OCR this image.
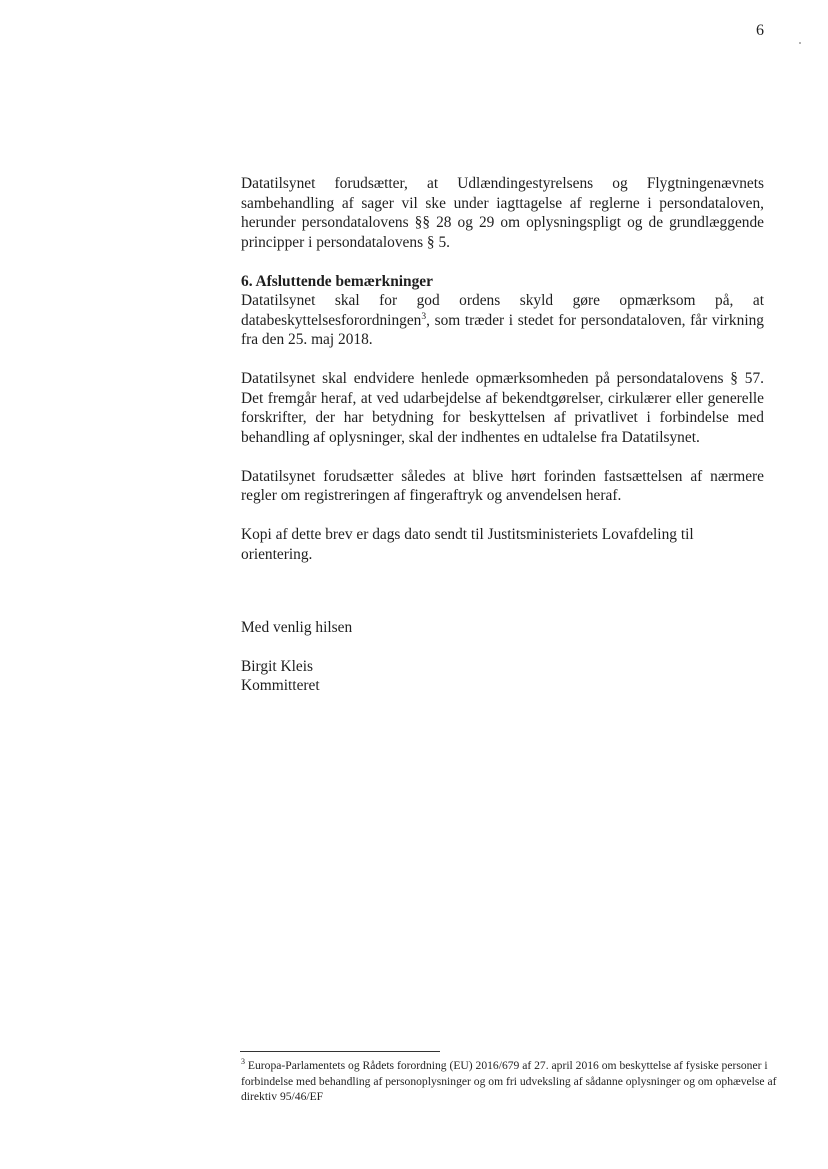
6

Datatilsynet forudsætter, at Udlændingestyrelsens og Flygtningenævnets sambehandling af sager vil ske under iagttagelse af reglerne i persondataloven, herunder persondatalovens §§ 28 og 29 om oplysningspligt og de grundlæggende principper i persondatalovens § 5.

6. Afsluttende bemærkninger

Datatilsynet skal for god ordens skyld gøre opmærksom på, at databeskyttelsesforordningen$^3$, som træder i stedet for persondataloven, får virkning fra den 25. maj 2018.

Datatilsynet skal endvidere henlede opmærksomheden på persondatalovens § 57. Det fremgår heraf, at ved udarbejdelse af bekendtgørelser, cirkulærer eller generelle forskrifter, der har betydning for beskyttelsen af privatlivet i forbindelse med behandling af oplysninger, skal der indhentes en udtalelse fra Datatilsynet.

Datatilsynet forudsætter således at blive hørt forinden fastsættelsen af nærmere regler om registreringen af fingeraftryk og anvendelsen heraf.

Kopi af dette brev er dags dato sendt til Justitsministeriets Lovafdeling til orientering.

Med venlig hilsen
Birgit Kleis
Kommitteret
$^3$ Europa-Parlamentets og Rådets forordning (EU) 2016/679 af 27. april 2016 om beskyttelse af fysiske personer i forbindelse med behandling af personoplysninger og om fri udveksling af sådanne oplysninger og om ophævelse af direktiv 95/46/EF
